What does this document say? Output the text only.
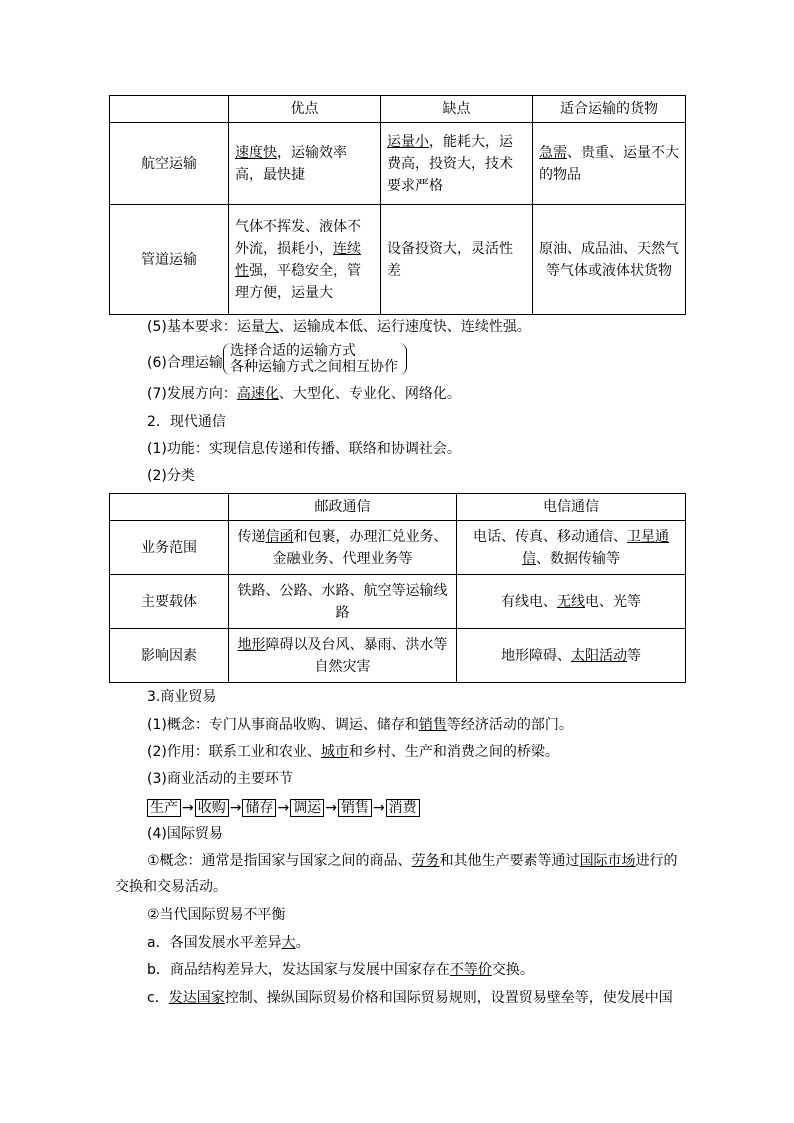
	优点	缺点	适合运输的货物
航空运输	速度快，运输效率高，最快捷	运量小，能耗大，运费高，投资大，技术要求严格	急需、贵重、运量不大的物品
管道运输	气体不挥发、液体不外流，损耗小，连续性强，平稳安全，管理方便，运量大	设备投资大，灵活性差	原油、成品油、天然气等气体或液体状货物
(5)基本要求：运量大、运输成本低、运行速度快、连续性强。
(6)合理运输
选择合适的运输方式
各种运输方式之间相互协作
(7)发展方向：高速化、大型化、专业化、网络化。
2．现代通信
(1)功能：实现信息传递和传播、联络和协调社会。
(2)分类
	邮政通信	电信通信
业务范围	传递信函和包裹，办理汇兑业务、金融业务、代理业务等	电话、传真、移动通信、卫星通信、数据传输等
主要载体	铁路、公路、水路、航空等运输线路	有线电、无线电、光等
影响因素	地形障碍以及台风、暴雨、洪水等自然灾害	地形障碍、太阳活动等
3.商业贸易
(1)概念：专门从事商品收购、调运、储存和销售等经济活动的部门。
(2)作用：联系工业和农业、城市和乡村、生产和消费之间的桥梁。
(3)商业活动的主要环节
生产 → 收购 → 储存 → 调运 → 销售 → 消费
(4)国际贸易
①概念：通常是指国家与国家之间的商品、劳务和其他生产要素等通过国际市场进行的交换和交易活动。
②当代国际贸易不平衡
a．各国发展水平差异大。
b．商品结构差异大，发达国家与发展中国家存在不等价交换。
c．发达国家控制、操纵国际贸易价格和国际贸易规则，设置贸易壁垒等，使发展中国
